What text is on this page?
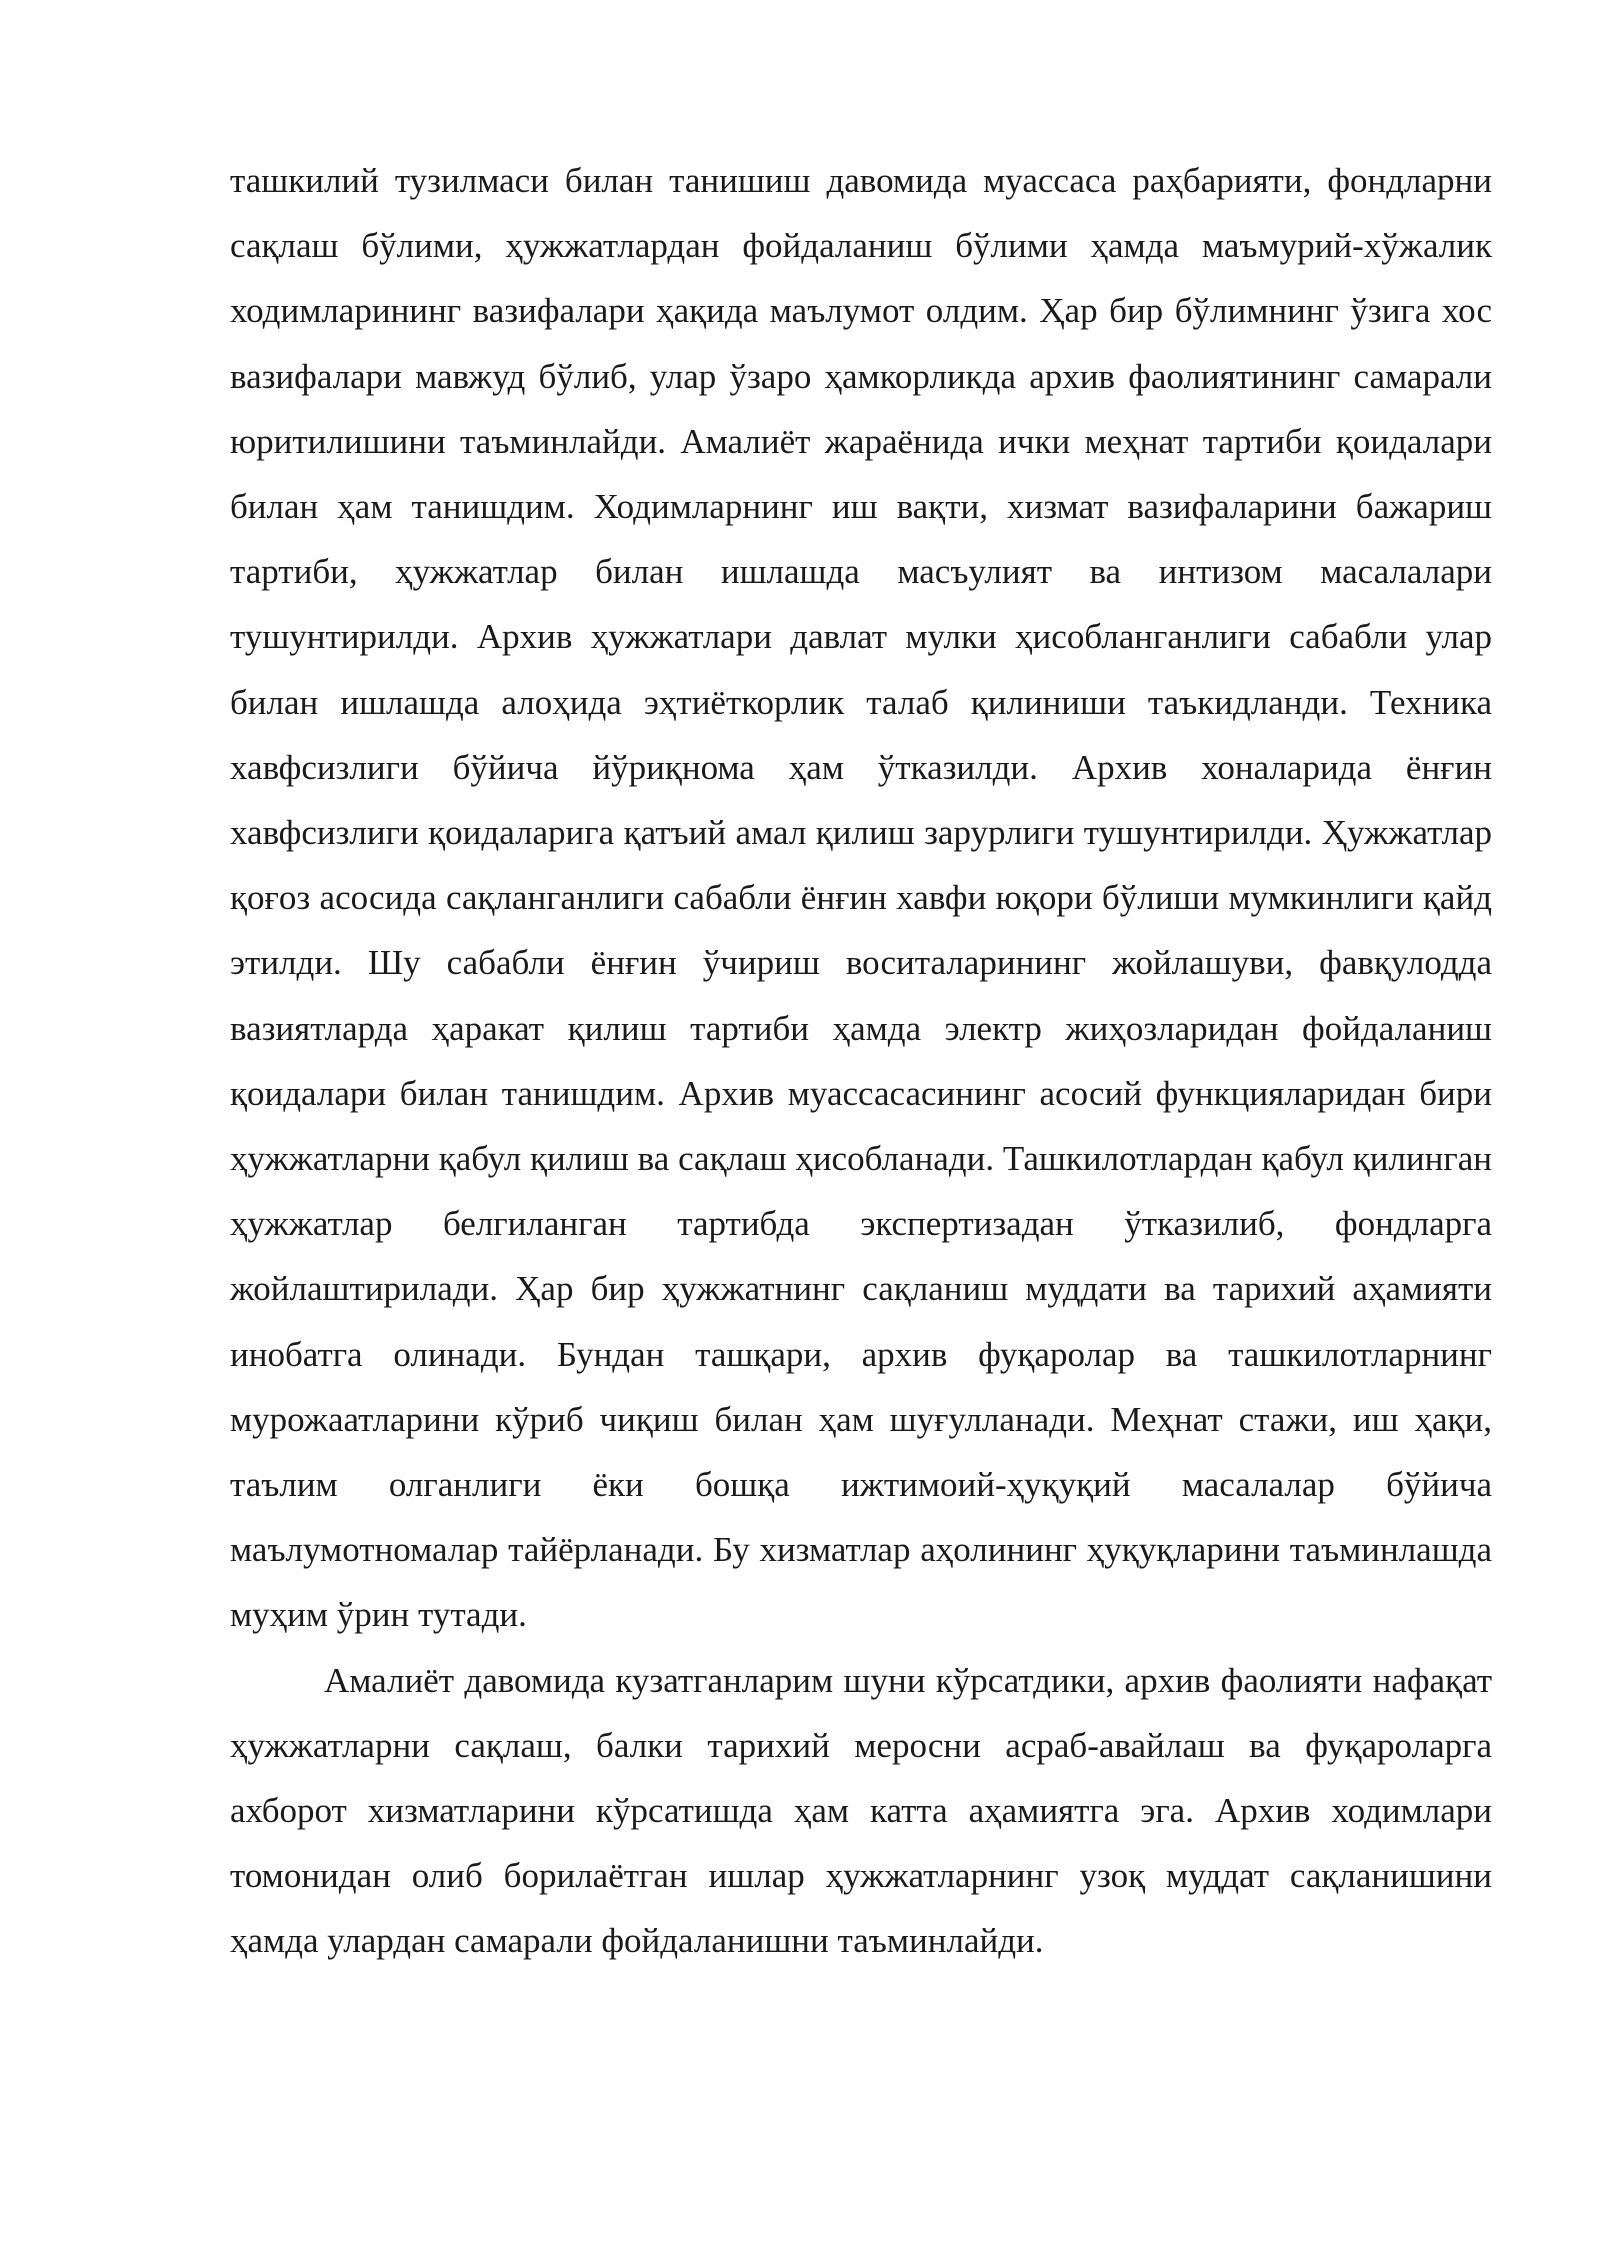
ташкилий тузилмаси билан танишиш давомида муассаса раҳбарияти, фондларни сақлаш бўлими, ҳужжатлардан фойдаланиш бўлими ҳамда маъмурий-хўжалик ходимларининг вазифалари ҳақида маълумот олдим. Ҳар бир бўлимнинг ўзига хос вазифалари мавжуд бўлиб, улар ўзаро ҳамкорликда архив фаолиятининг самарали юритилишини таъминлайди. Амалиёт жараёнида ички меҳнат тартиби қоидалари билан ҳам танишдим. Ходимларнинг иш вақти, хизмат вазифаларини бажариш тартиби, ҳужжатлар билан ишлашда масъулият ва интизом масалалари тушунтирилди. Архив ҳужжатлари давлат мулки ҳисобланганлиги сабабли улар билан ишлашда алоҳида эҳтиёткорлик талаб қилиниши таъкидланди. Техника хавфсизлиги бўйича йўриқнома ҳам ўтказилди. Архив хоналарида ёнғин хавфсизлиги қоидаларига қатъий амал қилиш зарурлиги тушунтирилди. Ҳужжатлар қоғоз асосида сақланганлиги сабабли ёнғин хавфи юқори бўлиши мумкинлиги қайд этилди. Шу сабабли ёнғин ўчириш воситаларининг жойлашуви, фавқулодда вазиятларда ҳаракат қилиш тартиби ҳамда электр жиҳозларидан фойдаланиш қоидалари билан танишдим. Архив муассасасининг асосий функцияларидан бири ҳужжатларни қабул қилиш ва сақлаш ҳисобланади. Ташкилотлардан қабул қилинган ҳужжатлар белгиланган тартибда экспертизадан ўтказилиб, фондларга жойлаштирилади. Ҳар бир ҳужжатнинг сақланиш муддати ва тарихий аҳамияти инобатга олинади. Бундан ташқари, архив фуқаролар ва ташкилотларнинг мурожаатларини кўриб чиқиш билан ҳам шуғулланади. Меҳнат стажи, иш ҳақи, таълим олганлиги ёки бошқа ижтимоий-ҳуқуқий масалалар бўйича маълумотномалар тайёрланади. Бу хизматлар аҳолининг ҳуқуқларини таъминлашда муҳим ўрин тутади.

Амалиёт давомида кузатганларим шуни кўрсатдики, архив фаолияти нафақат ҳужжатларни сақлаш, балки тарихий меросни асраб-авайлаш ва фуқароларга ахборот хизматларини кўрсатишда ҳам катта аҳамиятга эга. Архив ходимлари томонидан олиб борилаётган ишлар ҳужжатларнинг узоқ муддат сақланишини ҳамда улардан самарали фойдаланишни таъминлайди.
